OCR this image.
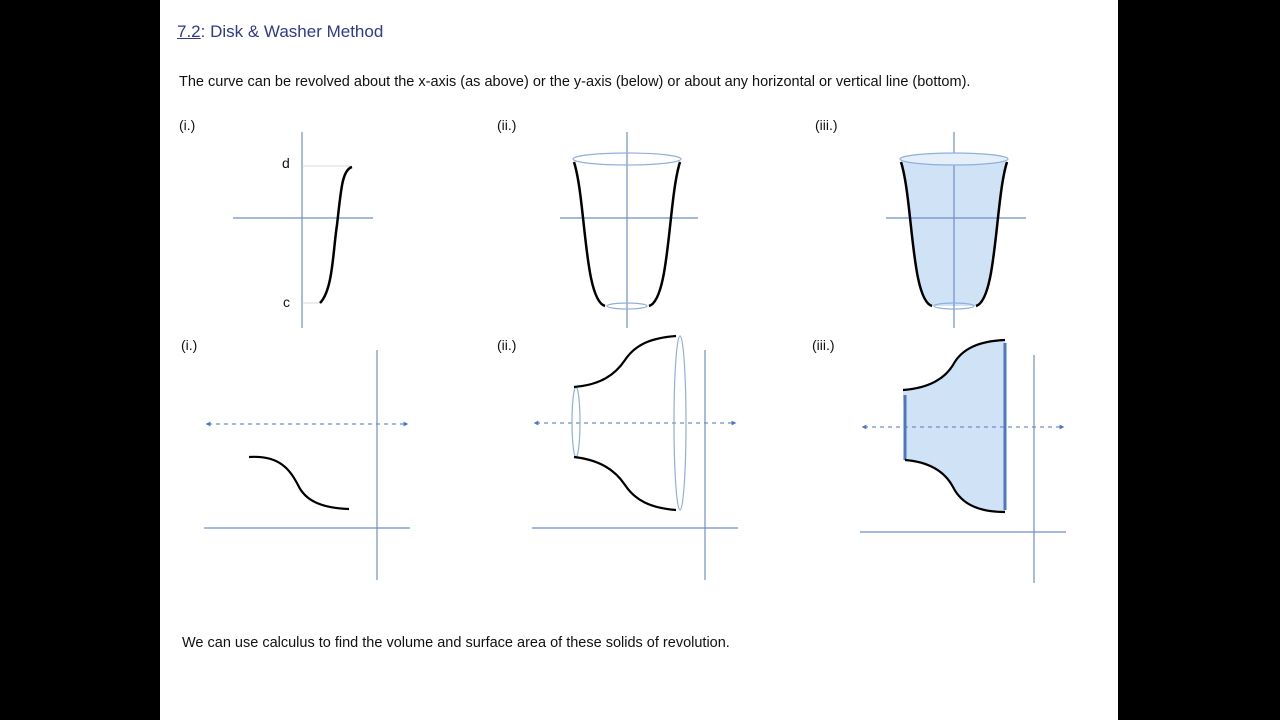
7.2: Disk & Washer Method
The curve can be revolved about the x-axis (as above) or the y-axis (below) or about any horizontal or vertical line (bottom).
(i.)	(ii.)	(iii.)
d
c
(i.)	(ii.)	(iii.)
We can use calculus to find the volume and surface area of these solids of revolution.
